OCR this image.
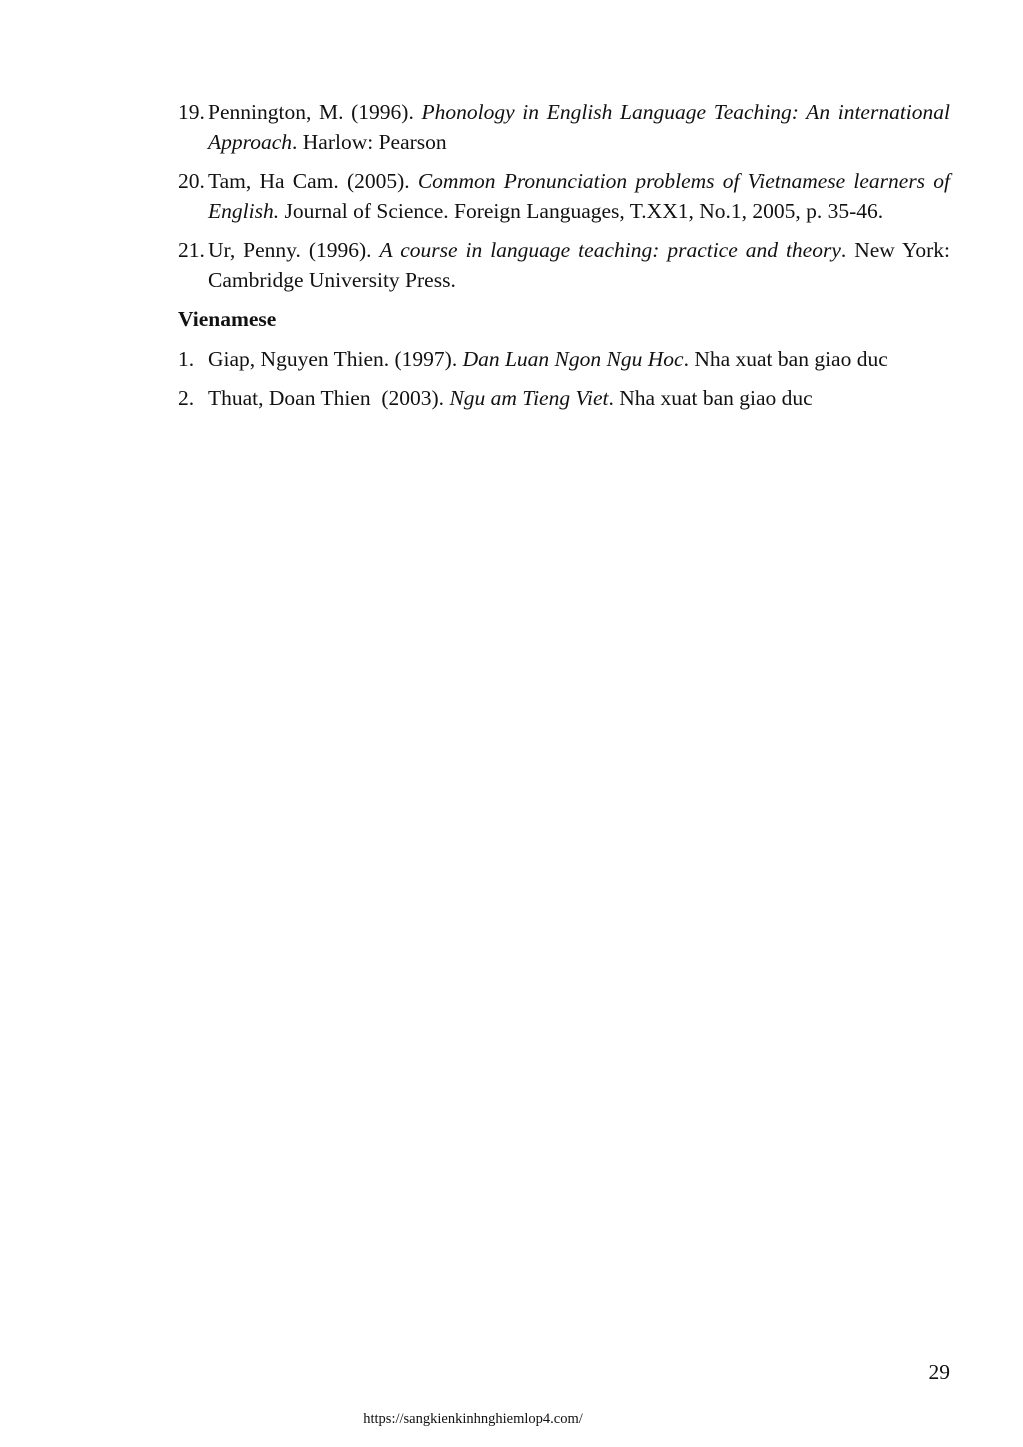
19. Pennington, M. (1996). Phonology in English Language Teaching: An international Approach. Harlow: Pearson
20. Tam, Ha Cam. (2005). Common Pronunciation problems of Vietnamese learners of English. Journal of Science. Foreign Languages, T.XX1, No.1, 2005, p. 35-46.
21. Ur, Penny. (1996). A course in language teaching: practice and theory. New York: Cambridge University Press.
Vienamese
1. Giap, Nguyen Thien. (1997). Dan Luan Ngon Ngu Hoc. Nha xuat ban giao duc
2. Thuat, Doan Thien  (2003). Ngu am Tieng Viet. Nha xuat ban giao duc
29
https://sangkienkinhnghiemlop4.com/
